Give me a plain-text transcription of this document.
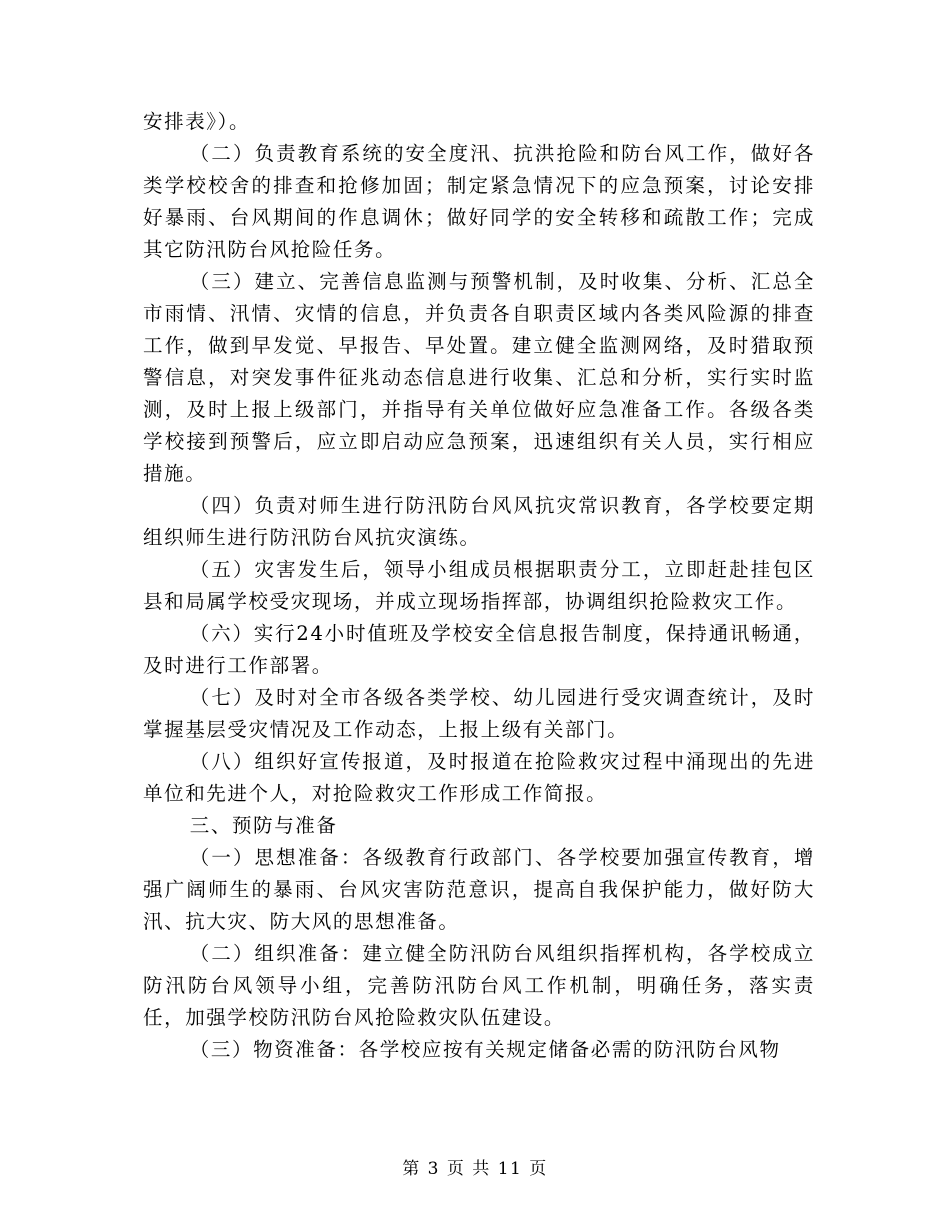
安排表》）。

（二）负责教育系统的安全度汛、抗洪抢险和防台风工作，做好各类学校校舍的排查和抢修加固；制定紧急情况下的应急预案，讨论安排好暴雨、台风期间的作息调休；做好同学的安全转移和疏散工作；完成其它防汛防台风抢险任务。

（三）建立、完善信息监测与预警机制，及时收集、分析、汇总全市雨情、汛情、灾情的信息，并负责各自职责区域内各类风险源的排查工作，做到早发觉、早报告、早处置。建立健全监测网络，及时猎取预警信息，对突发事件征兆动态信息进行收集、汇总和分析，实行实时监测，及时上报上级部门，并指导有关单位做好应急准备工作。各级各类学校接到预警后，应立即启动应急预案，迅速组织有关人员，实行相应措施。

（四）负责对师生进行防汛防台风风抗灾常识教育，各学校要定期组织师生进行防汛防台风抗灾演练。

（五）灾害发生后，领导小组成员根据职责分工，立即赶赴挂包区县和局属学校受灾现场，并成立现场指挥部，协调组织抢险救灾工作。

（六）实行24小时值班及学校安全信息报告制度，保持通讯畅通，及时进行工作部署。

（七）及时对全市各级各类学校、幼儿园进行受灾调查统计，及时掌握基层受灾情况及工作动态，上报上级有关部门。

（八）组织好宣传报道，及时报道在抢险救灾过程中涌现出的先进单位和先进个人，对抢险救灾工作形成工作简报。

三、预防与准备

（一）思想准备：各级教育行政部门、各学校要加强宣传教育，增强广阔师生的暴雨、台风灾害防范意识，提高自我保护能力，做好防大汛、抗大灾、防大风的思想准备。

（二）组织准备：建立健全防汛防台风组织指挥机构，各学校成立防汛防台风领导小组，完善防汛防台风工作机制，明确任务，落实责任，加强学校防汛防台风抢险救灾队伍建设。

（三）物资准备：各学校应按有关规定储备必需的防汛防台风物

第 3 页 共 11 页
